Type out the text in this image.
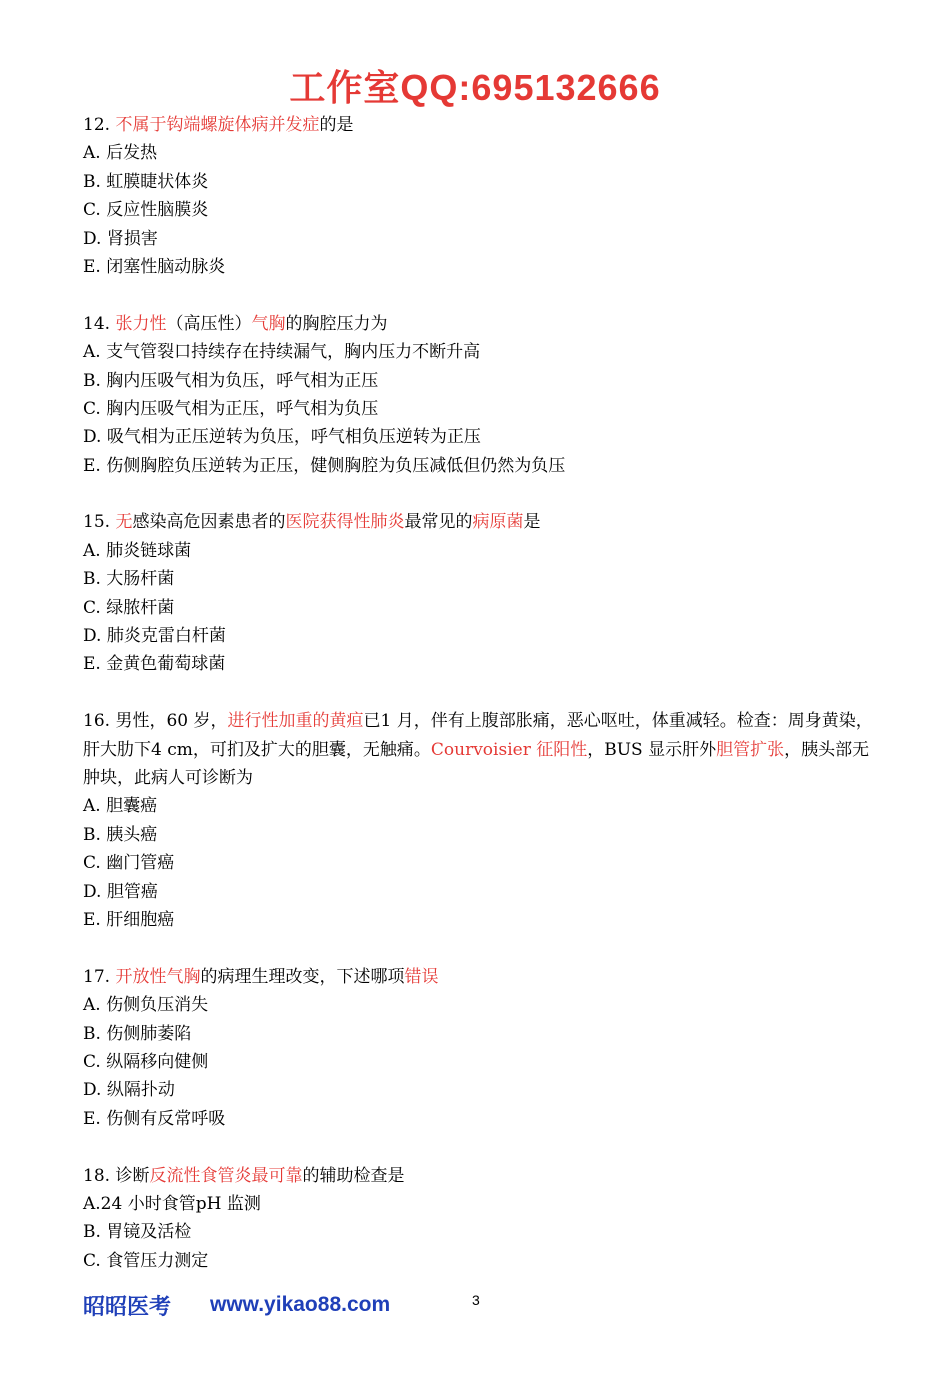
工作室QQ:695132666
12. 不属于钩端螺旋体病并发症的是
A. 后发热
B. 虹膜睫状体炎
C. 反应性脑膜炎
D. 肾损害
E. 闭塞性脑动脉炎
14. 张力性（高压性）气胸的胸腔压力为
A. 支气管裂口持续存在持续漏气，胸内压力不断升高
B. 胸内压吸气相为负压，呼气相为正压
C. 胸内压吸气相为正压，呼气相为负压
D. 吸气相为正压逆转为负压，呼气相负压逆转为正压
E. 伤侧胸腔负压逆转为正压，健侧胸腔为负压减低但仍然为负压
15. 无感染高危因素患者的医院获得性肺炎最常见的病原菌是
A. 肺炎链球菌
B. 大肠杆菌
C. 绿脓杆菌
D. 肺炎克雷白杆菌
E. 金黄色葡萄球菌
16. 男性，60 岁，进行性加重的黄疸已1 月，伴有上腹部胀痛，恶心呕吐，体重减轻。检查：周身黄染，肝大肋下4 cm，可扪及扩大的胆囊，无触痛。Courvoisier 征阳性，BUS 显示肝外胆管扩张，胰头部无肿块，此病人可诊断为
A. 胆囊癌
B. 胰头癌
C. 幽门管癌
D. 胆管癌
E. 肝细胞癌
17. 开放性气胸的病理生理改变，下述哪项错误
A. 伤侧负压消失
B. 伤侧肺萎陷
C. 纵隔移向健侧
D. 纵隔扑动
E. 伤侧有反常呼吸
18. 诊断反流性食管炎最可靠的辅助检查是
A.24 小时食管pH 监测
B. 胃镜及活检
C. 食管压力测定
昭昭医考 www.yikao88.com	3
